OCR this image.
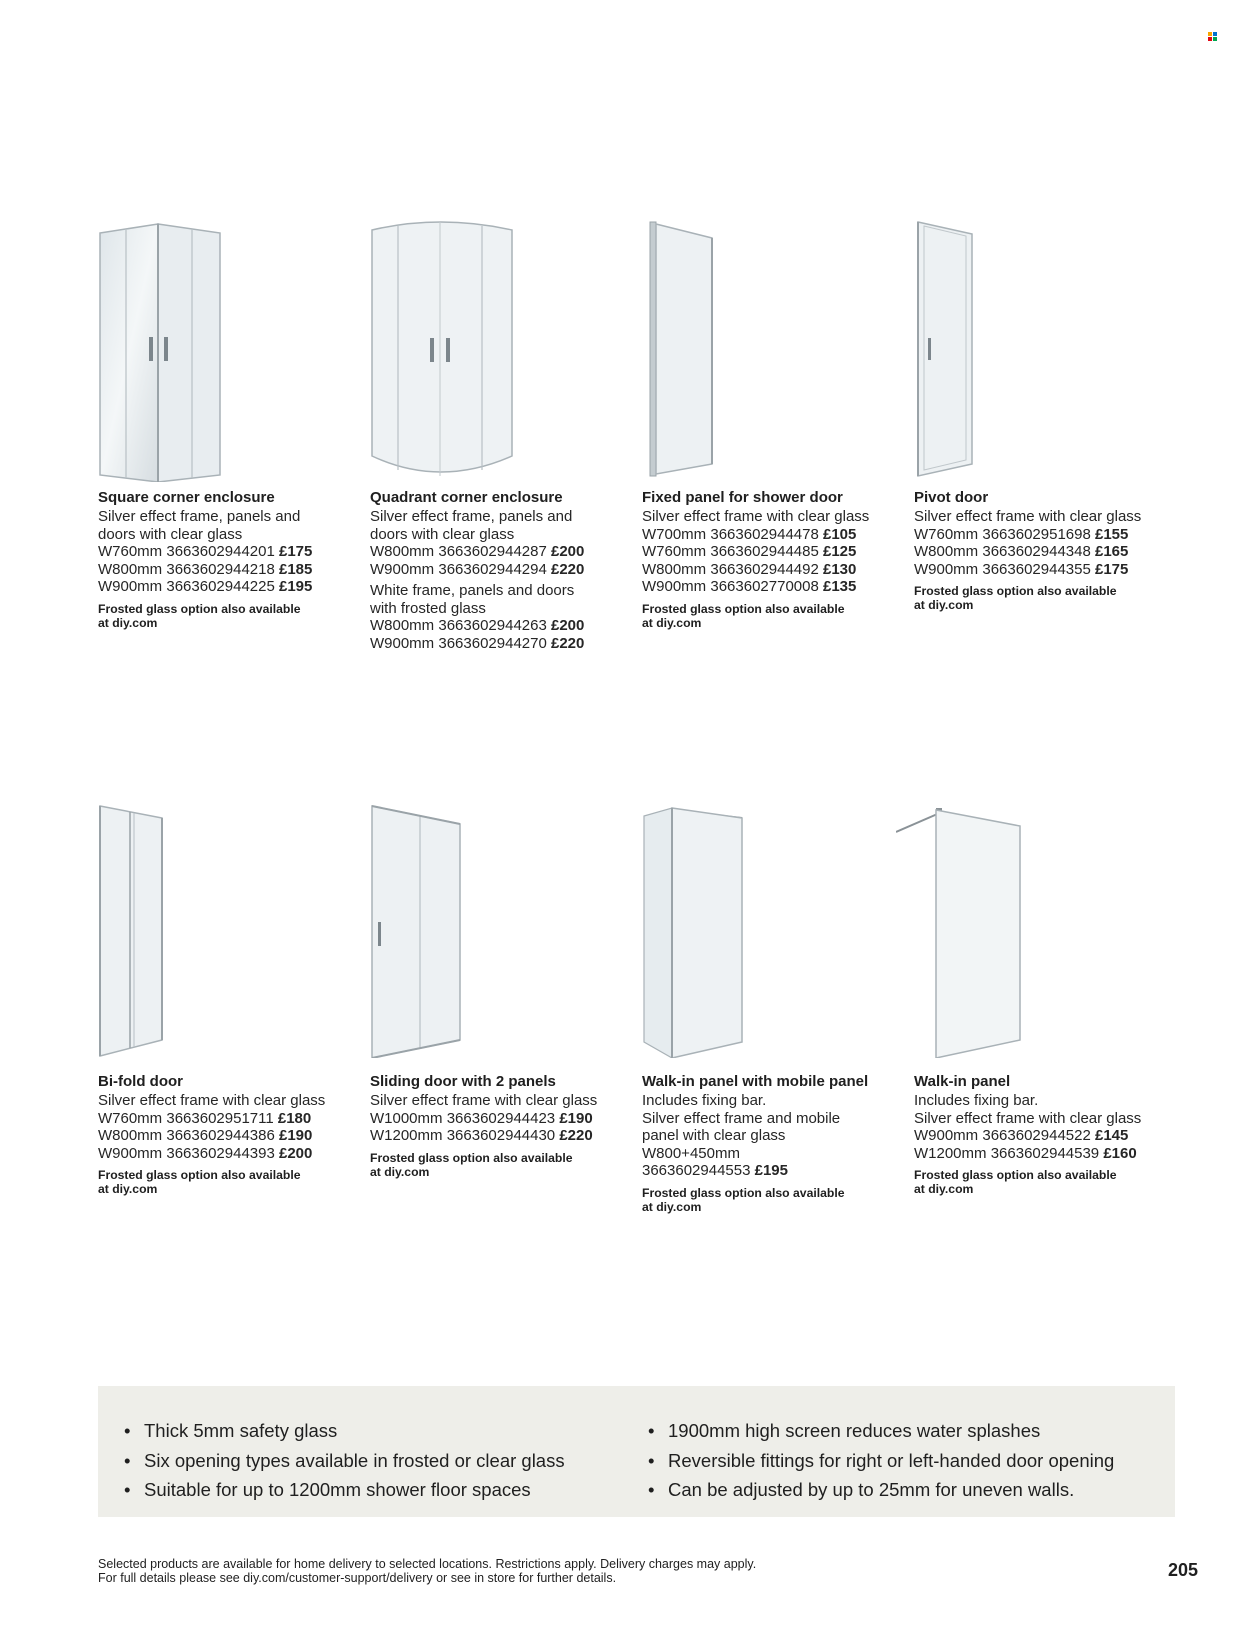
Square corner enclosure
Silver effect frame, panels and
doors with clear glass
W760mm 3663602944201 £175
W800mm 3663602944218 £185
W900mm 3663602944225 £195
Frosted glass option also available
at diy.com
Quadrant corner enclosure
Silver effect frame, panels and
doors with clear glass
W800mm 3663602944287 £200
W900mm 3663602944294 £220
White frame, panels and doors
with frosted glass
W800mm 3663602944263 £200
W900mm 3663602944270 £220
Fixed panel for shower door
Silver effect frame with clear glass
W700mm 3663602944478 £105
W760mm 3663602944485 £125
W800mm 3663602944492 £130
W900mm 3663602770008 £135
Frosted glass option also available
at diy.com
Pivot door
Silver effect frame with clear glass
W760mm 3663602951698 £155
W800mm 3663602944348 £165
W900mm 3663602944355 £175
Frosted glass option also available
at diy.com
Bi-fold door
Silver effect frame with clear glass
W760mm 3663602951711 £180
W800mm 3663602944386 £190
W900mm 3663602944393 £200
Frosted glass option also available
at diy.com
Sliding door with 2 panels
Silver effect frame with clear glass
W1000mm 3663602944423 £190
W1200mm 3663602944430 £220
Frosted glass option also available
at diy.com
Walk-in panel with mobile panel
Includes fixing bar.
Silver effect frame and mobile
panel with clear glass
W800+450mm
3663602944553 £195
Frosted glass option also available
at diy.com
Walk-in panel
Includes fixing bar.
Silver effect frame with clear glass
W900mm 3663602944522 £145
W1200mm 3663602944539 £160
Frosted glass option also available
at diy.com
• Thick 5mm safety glass
• Six opening types available in frosted or clear glass
• Suitable for up to 1200mm shower floor spaces
• 1900mm high screen reduces water splashes
• Reversible fittings for right or left-handed door opening
• Can be adjusted by up to 25mm for uneven walls.
Selected products are available for home delivery to selected locations. Restrictions apply. Delivery charges may apply.
For full details please see diy.com/customer-support/delivery or see in store for further details.	205
